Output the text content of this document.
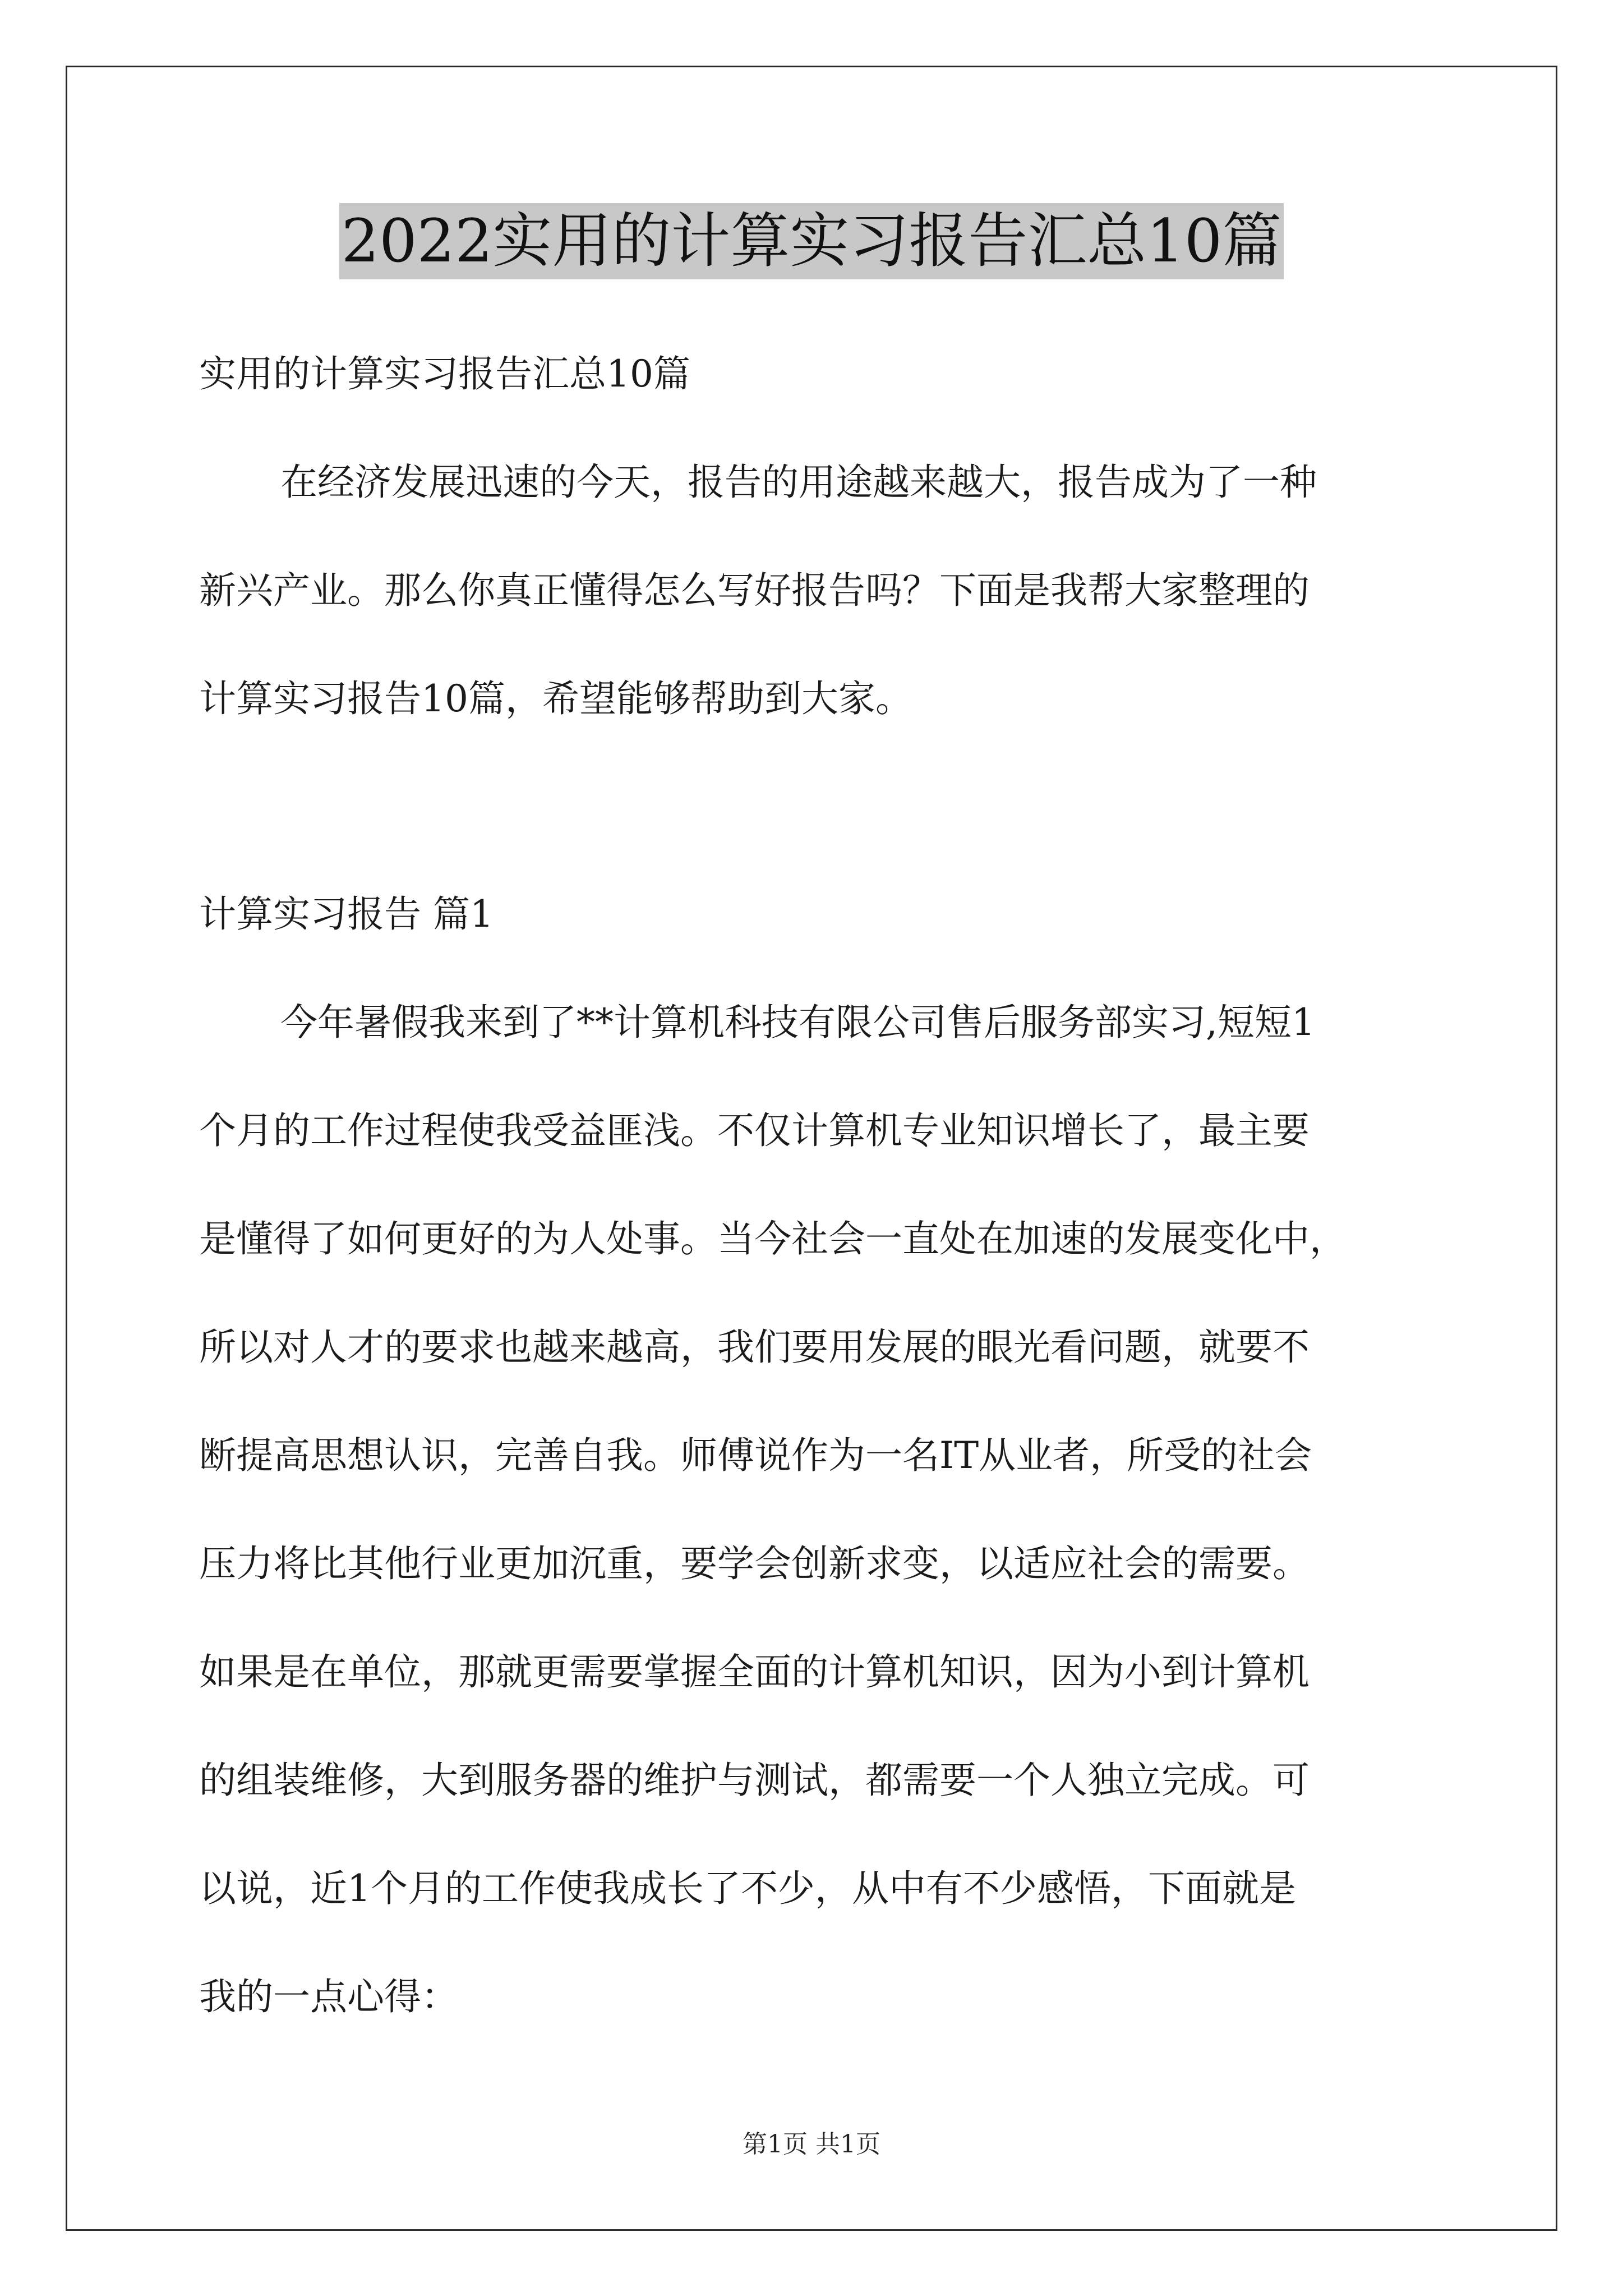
2022实用的计算实习报告汇总10篇
实用的计算实习报告汇总10篇
在经济发展迅速的今天，报告的用途越来越大，报告成为了一种
新兴产业。那么你真正懂得怎么写好报告吗？下面是我帮大家整理的
计算实习报告10篇，希望能够帮助到大家。
计算实习报告 篇1
今年暑假我来到了**计算机科技有限公司售后服务部实习,短短1
个月的工作过程使我受益匪浅。不仅计算机专业知识增长了，最主要
是懂得了如何更好的为人处事。当今社会一直处在加速的发展变化中，
所以对人才的要求也越来越高，我们要用发展的眼光看问题，就要不
断提高思想认识，完善自我。师傅说作为一名IT从业者，所受的社会
压力将比其他行业更加沉重，要学会创新求变，以适应社会的需要。
如果是在单位，那就更需要掌握全面的计算机知识，因为小到计算机
的组装维修，大到服务器的维护与测试，都需要一个人独立完成。可
以说，近1个月的工作使我成长了不少，从中有不少感悟，下面就是
我的一点心得：
第1页 共1页
